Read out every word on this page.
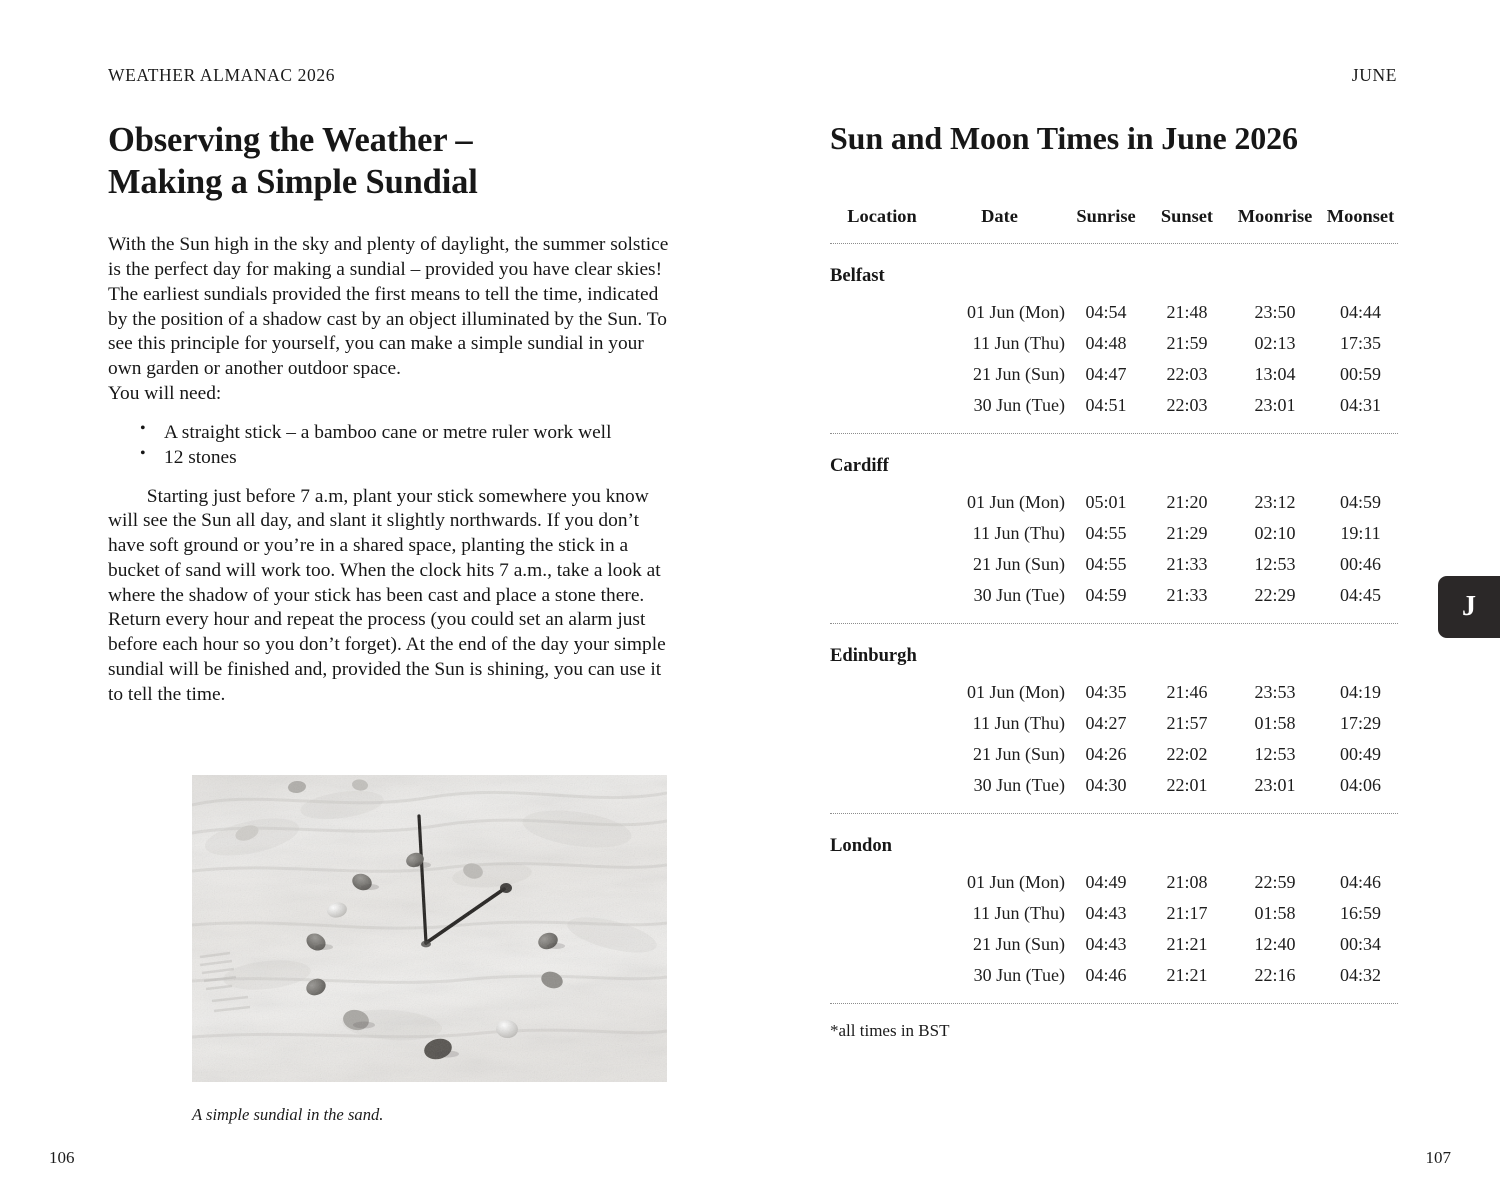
WEATHER ALMANAC 2026	JUNE
Observing the Weather –
Making a Simple Sundial

With the Sun high in the sky and plenty of daylight, the summer solstice is the perfect day for making a sundial – provided you have clear skies! The earliest sundials provided the first means to tell the time, indicated by the position of a shadow cast by an object illuminated by the Sun. To see this principle for yourself, you can make a simple sundial in your own garden or another outdoor space.

You will need:

• A straight stick – a bamboo cane or metre ruler work well
• 12 stones

Starting just before 7 a.m, plant your stick somewhere you know will see the Sun all day, and slant it slightly northwards. If you don’t have soft ground or you’re in a shared space, planting the stick in a bucket of sand will work too. When the clock hits 7 a.m., take a look at where the shadow of your stick has been cast and place a stone there. Return every hour and repeat the process (you could set an alarm just before each hour so you don’t forget). At the end of the day your simple sundial will be finished and, provided the Sun is shining, you can use it to tell the time.

A simple sundial in the sand.
Sun and Moon Times in June 2026
Location	Date	Sunrise	Sunset	Moonrise	Moonset

Belfast					
	01 Jun (Mon)	04:54	21:48	23:50	04:44
	11 Jun (Thu)	04:48	21:59	02:13	17:35
	21 Jun (Sun)	04:47	22:03	13:04	00:59
	30 Jun (Tue)	04:51	22:03	23:01	04:31

Cardiff					
	01 Jun (Mon)	05:01	21:20	23:12	04:59
	11 Jun (Thu)	04:55	21:29	02:10	19:11
	21 Jun (Sun)	04:55	21:33	12:53	00:46
	30 Jun (Tue)	04:59	21:33	22:29	04:45

Edinburgh					
	01 Jun (Mon)	04:35	21:46	23:53	04:19
	11 Jun (Thu)	04:27	21:57	01:58	17:29
	21 Jun (Sun)	04:26	22:02	12:53	00:49
	30 Jun (Tue)	04:30	22:01	23:01	04:06

London					
	01 Jun (Mon)	04:49	21:08	22:59	04:46
	11 Jun (Thu)	04:43	21:17	01:58	16:59
	21 Jun (Sun)	04:43	21:21	12:40	00:34
	30 Jun (Tue)	04:46	21:21	22:16	04:32

*all times in BST
J
106	107
